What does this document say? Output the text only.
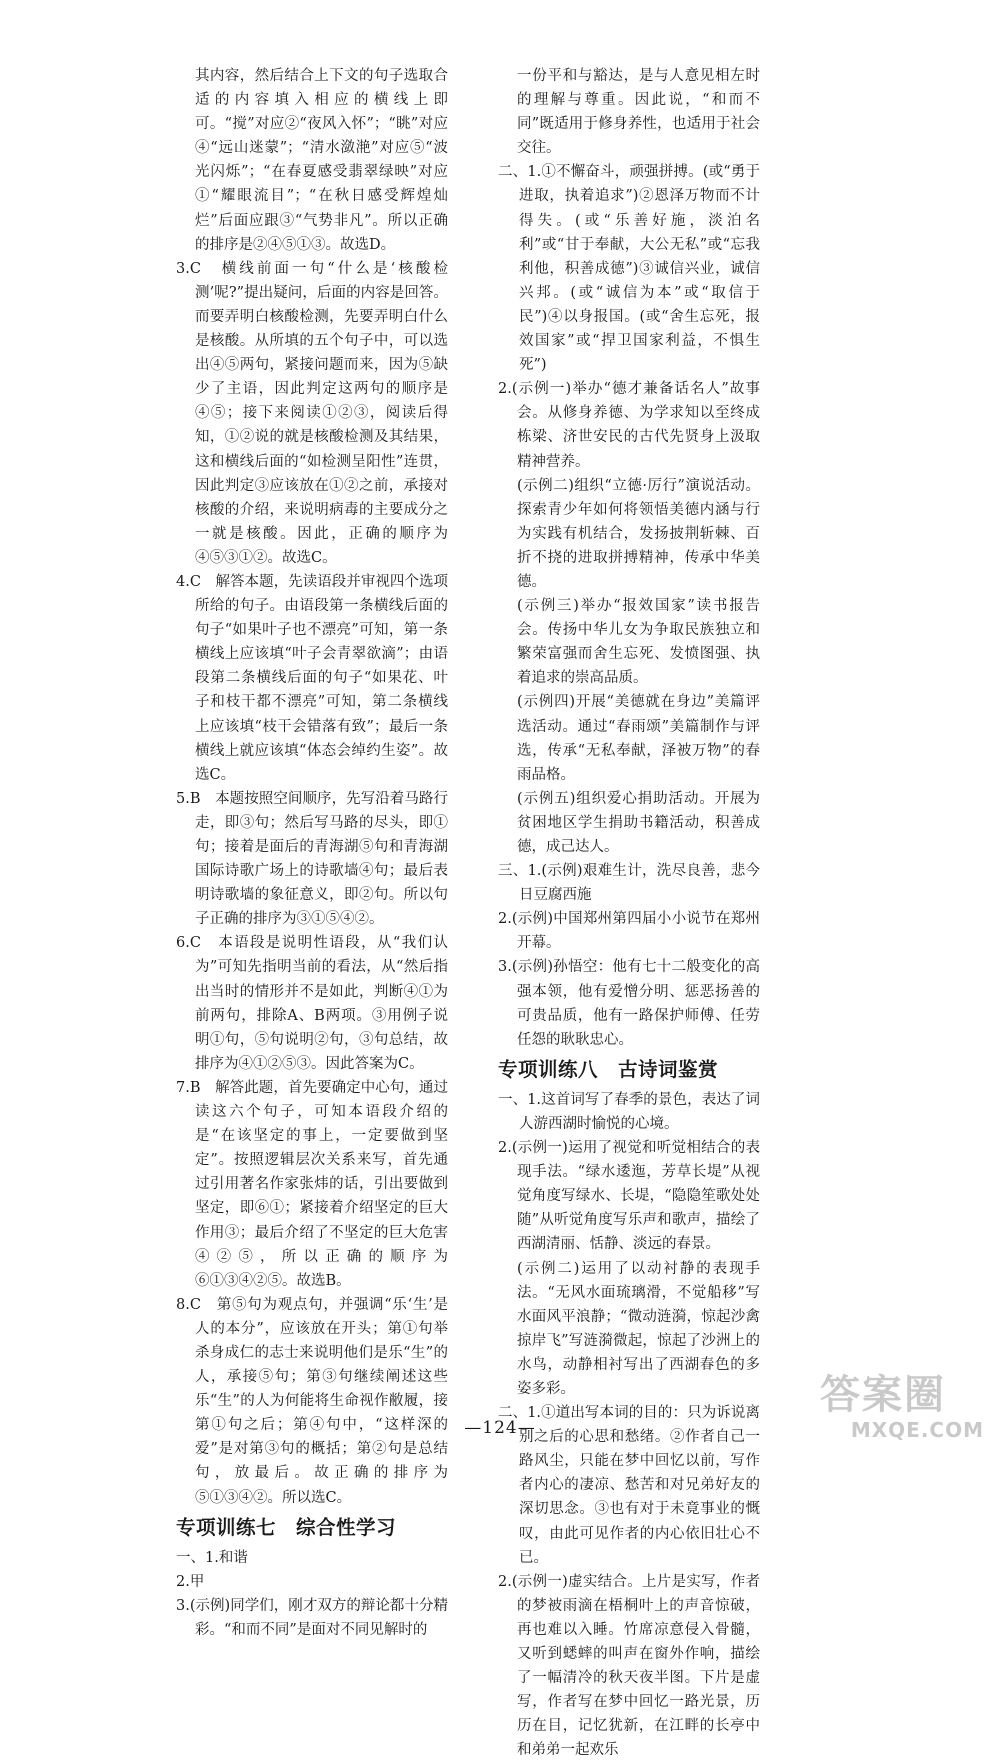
其内容，然后结合上下文的句子选取合适的内容填入相应的横线上即可。“搅”对应②“夜风入怀”；“眺”对应④“远山迷蒙”；“清水潋滟”对应⑤“波光闪烁”；“在春夏感受翡翠绿映”对应①“耀眼流目”；“在秋日感受辉煌灿烂”后面应跟③“气势非凡”。所以正确的排序是②④⑤①③。故选D。

3.C　横线前面一句“什么是‘核酸检测’呢?”提出疑问，后面的内容是回答。而要弄明白核酸检测，先要弄明白什么是核酸。从所填的五个句子中，可以选出④⑤两句，紧接问题而来，因为⑤缺少了主语，因此判定这两句的顺序是④⑤；接下来阅读①②③，阅读后得知，①②说的就是核酸检测及其结果，这和横线后面的“如检测呈阳性”连贯，因此判定③应该放在①②之前，承接对核酸的介绍，来说明病毒的主要成分之一就是核酸。因此，正确的顺序为④⑤③①②。故选C。

4.C　解答本题，先读语段并审视四个选项所给的句子。由语段第一条横线后面的句子“如果叶子也不漂亮”可知，第一条横线上应该填“叶子会青翠欲滴”；由语段第二条横线后面的句子“如果花、叶子和枝干都不漂亮”可知，第二条横线上应该填“枝干会错落有致”；最后一条横线上就应该填“体态会绰约生姿”。故选C。

5.B　本题按照空间顺序，先写沿着马路行走，即③句；然后写马路的尽头，即①句；接着是面后的青海湖⑤句和青海湖国际诗歌广场上的诗歌墙④句；最后表明诗歌墙的象征意义，即②句。所以句子正确的排序为③①⑤④②。

6.C　本语段是说明性语段，从“我们认为”可知先指明当前的看法，从“然后指出当时的情形并不是如此，判断④①为前两句，排除A、B两项。③用例子说明①句，⑤句说明②句，③句总结，故排序为④①②⑤③。因此答案为C。

7.B　解答此题，首先要确定中心句，通过读这六个句子，可知本语段介绍的是“在该坚定的事上，一定要做到坚定”。按照逻辑层次关系来写，首先通过引用著名作家张炜的话，引出要做到坚定，即⑥①；紧接着介绍坚定的巨大作用③；最后介绍了不坚定的巨大危害④②⑤，所以正确的顺序为⑥①③④②⑤。故选B。

8.C　第⑤句为观点句，并强调“乐‘生’是人的本分”，应该放在开头；第①句举杀身成仁的志士来说明他们是乐“生”的人，承接⑤句；第③句继续阐述这些乐“生”的人为何能将生命视作敝履，接第①句之后；第④句中，“这样深的爱”是对第③句的概括；第②句是总结句，放最后。故正确的排序为⑤①③④②。所以选C。

专项训练七　综合性学习

一、1.和谐

2.甲

3.(示例)同学们，刚才双方的辩论都十分精彩。“和而不同”是面对不同见解时的

一份平和与豁达，是与人意见相左时的理解与尊重。因此说，“和而不同”既适用于修身养性，也适用于社会交往。

二、1.①不懈奋斗，顽强拼搏。(或“勇于进取，执着追求”)②恩泽万物而不计得失。(或“乐善好施，淡泊名利”或“甘于奉献，大公无私”或“忘我利他，积善成德”)③诚信兴业，诚信兴邦。(或“诚信为本”或“取信于民”)④以身报国。(或“舍生忘死，报效国家”或“捍卫国家利益，不惧生死”)

2.(示例一)举办“德才兼备话名人”故事会。从修身养德、为学求知以至终成栋梁、济世安民的古代先贤身上汲取精神营养。

(示例二)组织“立德·厉行”演说活动。探索青少年如何将领悟美德内涵与行为实践有机结合，发扬披荆斩棘、百折不挠的进取拼搏精神，传承中华美德。

(示例三)举办“报效国家”读书报告会。传扬中华儿女为争取民族独立和繁荣富强而舍生忘死、发愤图强、执着追求的崇高品质。

(示例四)开展“美德就在身边”美篇评选活动。通过“春雨颂”美篇制作与评选，传承“无私奉献，泽被万物”的春雨品格。

(示例五)组织爱心捐助活动。开展为贫困地区学生捐助书籍活动，积善成德，成己达人。

三、1.(示例)艰难生计，洗尽良善，悲今日豆腐西施

2.(示例)中国郑州第四届小小说节在郑州开幕。

3.(示例)孙悟空：他有七十二般变化的高强本领，他有爱憎分明、惩恶扬善的可贵品质，他有一路保护师傅、任劳任怨的耿耿忠心。

专项训练八　古诗词鉴赏

一、1.这首词写了春季的景色，表达了词人游西湖时愉悦的心境。

2.(示例一)运用了视觉和听觉相结合的表现手法。“绿水逶迤，芳草长堤”从视觉角度写绿水、长堤，“隐隐笙歌处处随”从听觉角度写乐声和歌声，描绘了西湖清丽、恬静、淡远的春景。

(示例二)运用了以动衬静的表现手法。“无风水面琉璃滑，不觉船移”写水面风平浪静；“微动涟漪，惊起沙禽掠岸飞”写涟漪微起，惊起了沙洲上的水鸟，动静相衬写出了西湖春色的多姿多彩。

二、1.①道出写本词的目的：只为诉说离别之后的心思和愁绪。②作者自己一路风尘，只能在梦中回忆以前，写作者内心的凄凉、愁苦和对兄弟好友的深切思念。③也有对于未竟事业的慨叹，由此可见作者的内心依旧壮心不已。

2.(示例一)虚实结合。上片是实写，作者的梦被雨滴在梧桐叶上的声音惊破，再也难以入睡。竹席凉意侵入骨髓，又听到蟋蟀的叫声在窗外作响，描绘了一幅清冷的秋天夜半图。下片是虚写，作者写在梦中回忆一路光景，历历在目，记忆犹新，在江畔的长亭中和弟弟一起欢乐

—124—
答案圈
MXQE.COM
